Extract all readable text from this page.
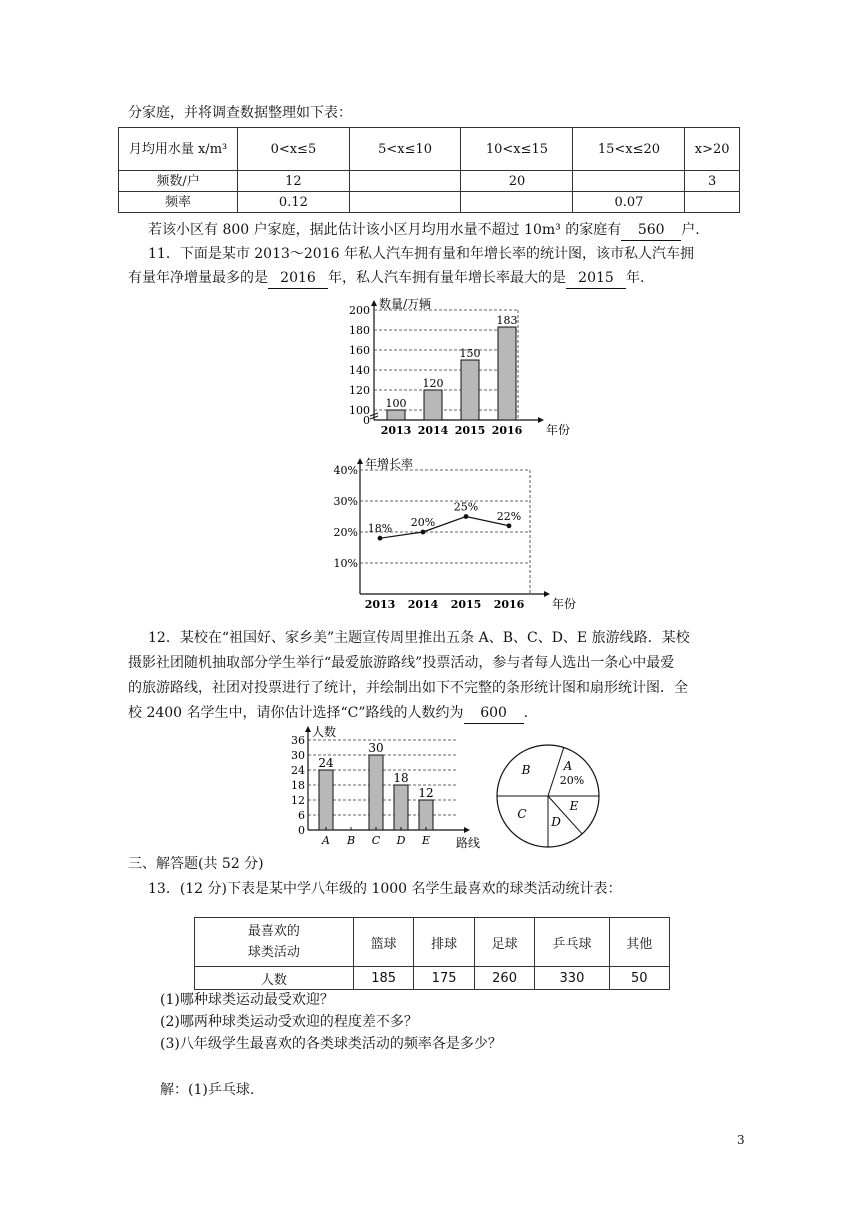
分家庭，并将调查数据整理如下表：
月均用水量 x/m³	0<x≤5	5<x≤10	10<x≤15	15<x≤20	x>20
频数/户	12		20		3
频率	0.12			0.07	
若该小区有 800 户家庭，据此估计该小区月均用水量不超过 10m³ 的家庭有 560 户.
11．下面是某市 2013～2016 年私人汽车拥有量和年增长率的统计图，该市私人汽车拥
有量年净增量最多的是 2016 年，私人汽车拥有量年增长率最大的是 2015 年.
0
100
120
140
160
180
200
100
2013
120
2014
150
2015
183
2016
数量/万辆
年份
10%
20%
30%
40%
2013 2014 2015 2016
18% 20%
25%
22%
年增长率
年份
12．某校在“祖国好、家乡美”主题宣传周里推出五条 A、B、C、D、E 旅游线路．某校
摄影社团随机抽取部分学生举行“最爱旅游路线”投票活动，参与者每人选出一条心中最爱
的旅游路线，社团对投票进行了统计，并绘制出如下不完整的条形统计图和扇形统计图．全
校 2400 名学生中，请你估计选择“C”路线的人数约为 600 .
0
6
12
18
24
30
36
24
A B
30
C
18
D
12
E
人数
路线
A
B
C
D
E
20%
三、解答题(共 52 分)
13．(12 分)下表是某中学八年级的 1000 名学生最喜欢的球类活动统计表：
最喜欢的
球类活动	篮球	排球	足球	乒乓球	其他
人数	185	175	260	330	50
(1)哪种球类运动最受欢迎？
(2)哪两种球类运动受欢迎的程度差不多？
(3)八年级学生最喜欢的各类球类活动的频率各是多少？
解：(1)乒乓球.
3
